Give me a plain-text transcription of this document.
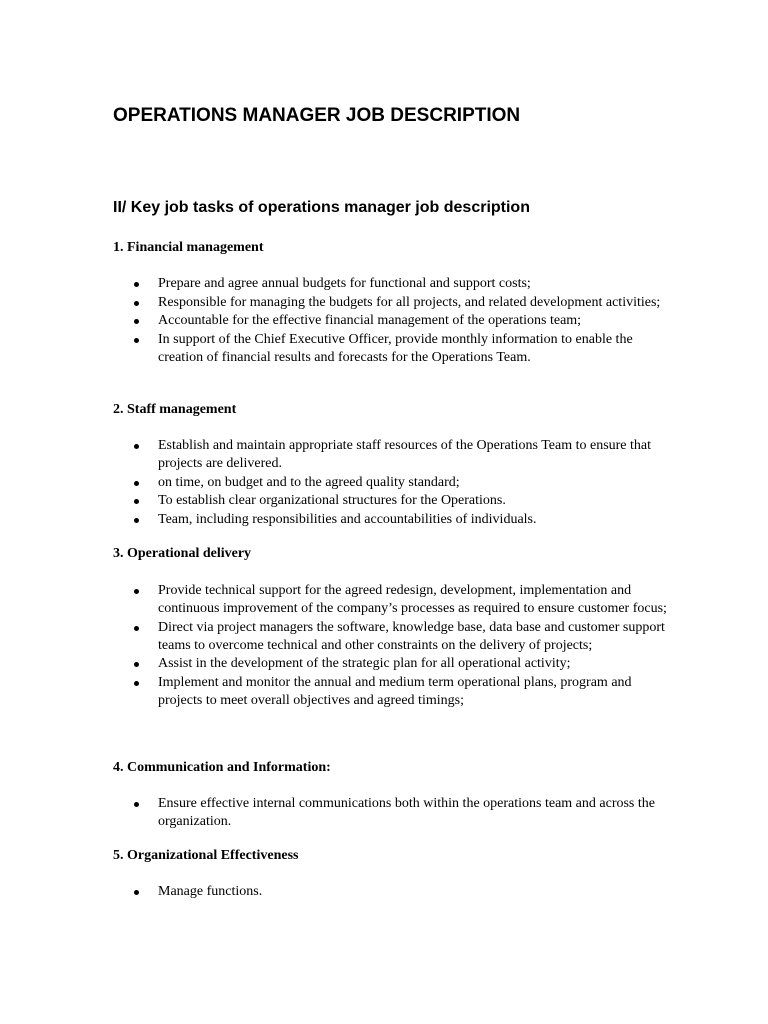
OPERATIONS MANAGER JOB DESCRIPTION
II/ Key job tasks of operations manager job description
1. Financial management
Prepare and agree annual budgets for functional and support costs;
Responsible for managing the budgets for all projects, and related development activities;
Accountable for the effective financial management of the operations team;
In support of the Chief Executive Officer, provide monthly information to enable the creation of financial results and forecasts for the Operations Team.
2. Staff management
Establish and maintain appropriate staff resources of the Operations Team to ensure that projects are delivered.
on time, on budget and to the agreed quality standard;
To establish clear organizational structures for the Operations.
Team, including responsibilities and accountabilities of individuals.
3. Operational delivery
Provide technical support for the agreed redesign, development, implementation and continuous improvement of the company’s processes as required to ensure customer focus;
Direct via project managers the software, knowledge base, data base and customer support teams to overcome technical and other constraints on the delivery of projects;
Assist in the development of the strategic plan for all operational activity;
Implement and monitor the annual and medium term operational plans, program and projects to meet overall objectives and agreed timings;
4. Communication and Information:
Ensure effective internal communications both within the operations team and across the organization.
5. Organizational Effectiveness
Manage functions.
